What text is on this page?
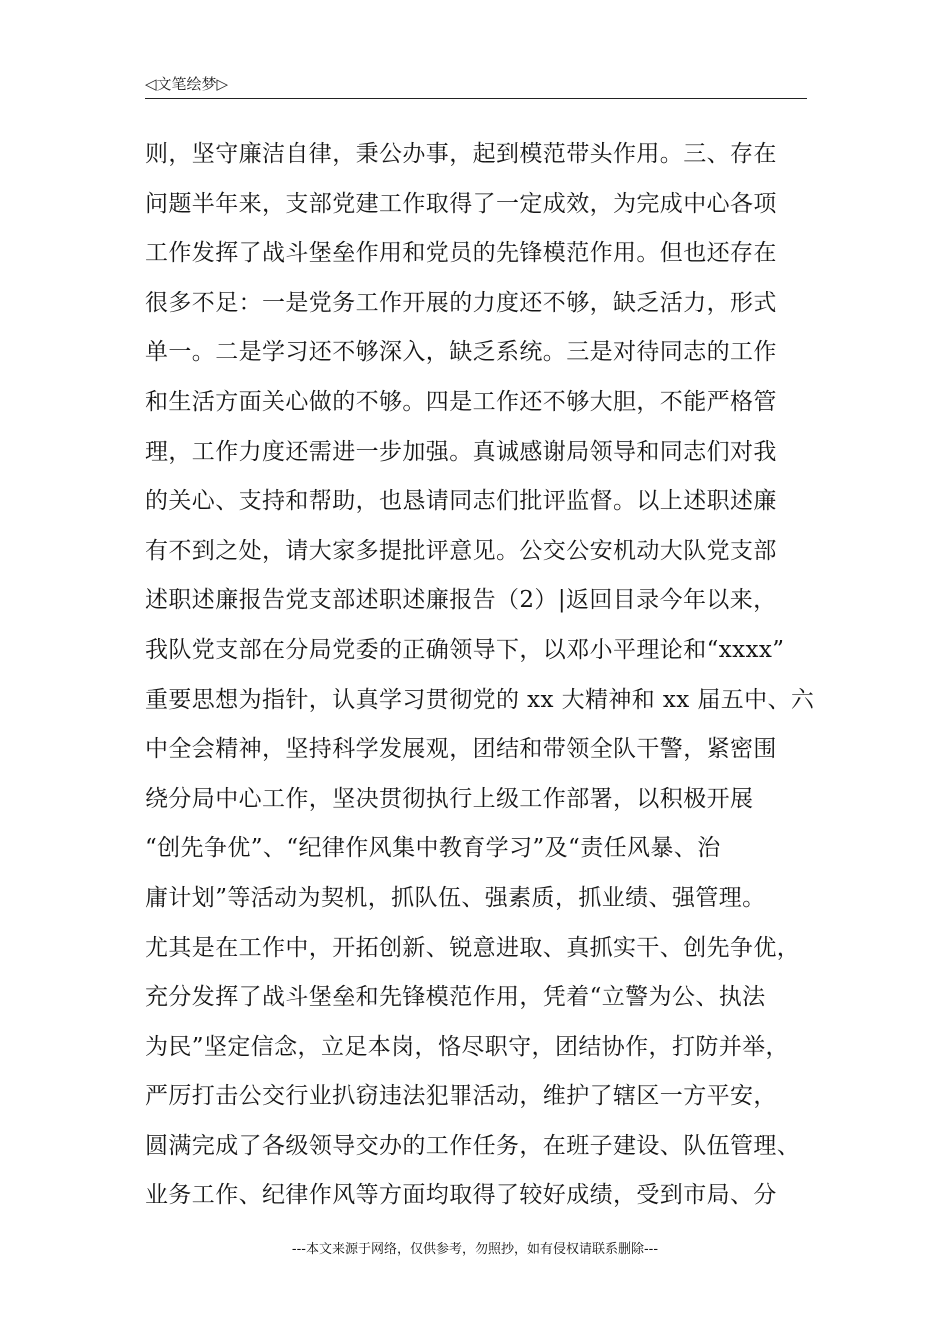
◁文笔绘梦▷
则，坚守廉洁自律，秉公办事，起到模范带头作用。三、存在
问题半年来，支部党建工作取得了一定成效，为完成中心各项
工作发挥了战斗堡垒作用和党员的先锋模范作用。但也还存在
很多不足：一是党务工作开展的力度还不够，缺乏活力，形式
单一。二是学习还不够深入，缺乏系统。三是对待同志的工作
和生活方面关心做的不够。四是工作还不够大胆，不能严格管
理，工作力度还需进一步加强。真诚感谢局领导和同志们对我
的关心、支持和帮助，也恳请同志们批评监督。以上述职述廉
有不到之处，请大家多提批评意见。公交公安机动大队党支部
述职述廉报告党支部述职述廉报告（2）|返回目录今年以来，
我队党支部在分局党委的正确领导下，以邓小平理论和“xxxx”
重要思想为指针，认真学习贯彻党的 xx 大精神和 xx 届五中、六
中全会精神，坚持科学发展观，团结和带领全队干警，紧密围
绕分局中心工作，坚决贯彻执行上级工作部署，以积极开展
“创先争优”、“纪律作风集中教育学习”及“责任风暴、治
庸计划”等活动为契机，抓队伍、强素质，抓业绩、强管理。
尤其是在工作中，开拓创新、锐意进取、真抓实干、创先争优，
充分发挥了战斗堡垒和先锋模范作用，凭着“立警为公、执法
为民”坚定信念，立足本岗，恪尽职守，团结协作，打防并举，
严厉打击公交行业扒窃违法犯罪活动，维护了辖区一方平安，
圆满完成了各级领导交办的工作任务，在班子建设、队伍管理、
业务工作、纪律作风等方面均取得了较好成绩，受到市局、分
---本文来源于网络，仅供参考，勿照抄，如有侵权请联系删除---
